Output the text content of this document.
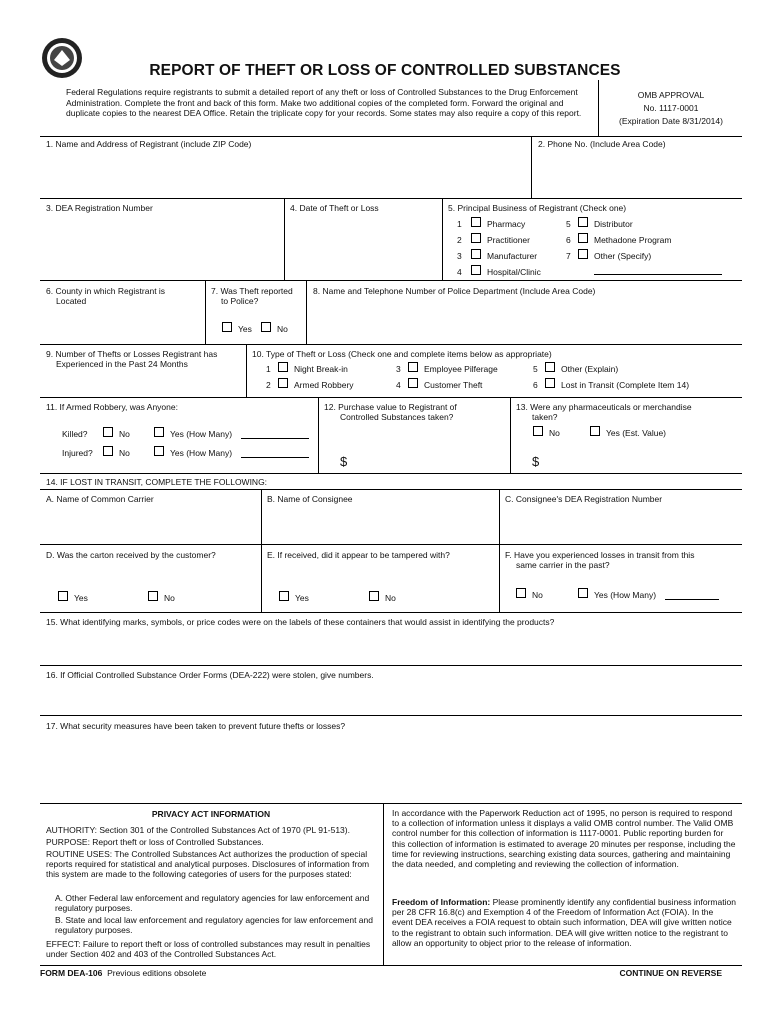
REPORT OF THEFT OR LOSS OF CONTROLLED SUBSTANCES
Federal Regulations require registrants to submit a detailed report of any theft or loss of Controlled Substances to the Drug Enforcement Administration. Complete the front and back of this form. Make two additional copies of the completed form. Forward the original and duplicate copies to the nearest DEA Office. Retain the triplicate copy for your records. Some states may also require a copy of this report.
OMB APPROVAL
No. 1117-0001
(Expiration Date 8/31/2014)
1. Name and Address of Registrant (include ZIP Code)	2. Phone No. (Include Area Code)
3. DEA Registration Number	4. Date of Theft or Loss	5. Principal Business of Registrant (Check one)
1	Pharmacy
2	Practitioner
3	Manufacturer
4	Hospital/Clinic
5	Distributor
6	Methadone Program
7	Other (Specify)
6. County in which Registrant is
Located
7. Was Theft reported
to Police?
Yes	No
8. Name and Telephone Number of Police Department (Include Area Code)
9. Number of Thefts or Losses Registrant has
Experienced in the Past 24 Months
10. Type of Theft or Loss (Check one and complete items below as appropriate)
1	Night Break-in
2	Armed Robbery
3	Employee Pilferage
4	Customer Theft
5	Other (Explain)
6	Lost in Transit (Complete Item 14)
11. If Armed Robbery, was Anyone:
Killed?	No	Yes (How Many)
Injured?	No	Yes (How Many)
12. Purchase value to Registrant of
Controlled Substances taken?
$
13. Were any pharmaceuticals or merchandise
taken?
No	Yes (Est. Value)
$
14. IF LOST IN TRANSIT, COMPLETE THE FOLLOWING:
A. Name of Common Carrier	B. Name of Consignee	C. Consignee's DEA Registration Number
D. Was the carton received by the customer?	E. If received, did it appear to be tampered with?	F. Have you experienced losses in transit from this
same carrier in the past?
Yes	No	Yes	No	No	Yes (How Many)
15. What identifying marks, symbols, or price codes were on the labels of these containers that would assist in identifying the products?
16. If Official Controlled Substance Order Forms (DEA-222) were stolen, give numbers.
17. What security measures have been taken to prevent future thefts or losses?
PRIVACY ACT INFORMATION
AUTHORITY: Section 301 of the Controlled Substances Act of 1970 (PL 91-513).
PURPOSE: Report theft or loss of Controlled Substances.
ROUTINE USES: The Controlled Substances Act authorizes the production of special reports required for statistical and analytical purposes. Disclosures of information from this system are made to the following categories of users for the purposes stated:
A. Other Federal law enforcement and regulatory agencies for law enforcement and regulatory purposes.
B. State and local law enforcement and regulatory agencies for law enforcement and regulatory purposes.
EFFECT: Failure to report theft or loss of controlled substances may result in penalties under Section 402 and 403 of the Controlled Substances Act.
In accordance with the Paperwork Reduction act of 1995, no person is required to respond to a collection of information unless it displays a valid OMB control number. The Valid OMB control number for this collection of information is 1117-0001. Public reporting burden for this collection of information is estimated to average 20 minutes per response, including the time for reviewing instructions, searching existing data sources, gathering and maintaining the data needed, and completing and reviewing the collection of information.
Freedom of Information: Please prominently identify any confidential business information per 28 CFR 16.8(c) and Exemption 4 of the Freedom of Information Act (FOIA). In the event DEA receives a FOIA request to obtain such information, DEA will give written notice to the registrant to obtain such information. DEA will give written notice to the registrant to allow an opportunity to object prior to the release of information.
FORM DEA-106 Previous editions obsolete	CONTINUE ON REVERSE
